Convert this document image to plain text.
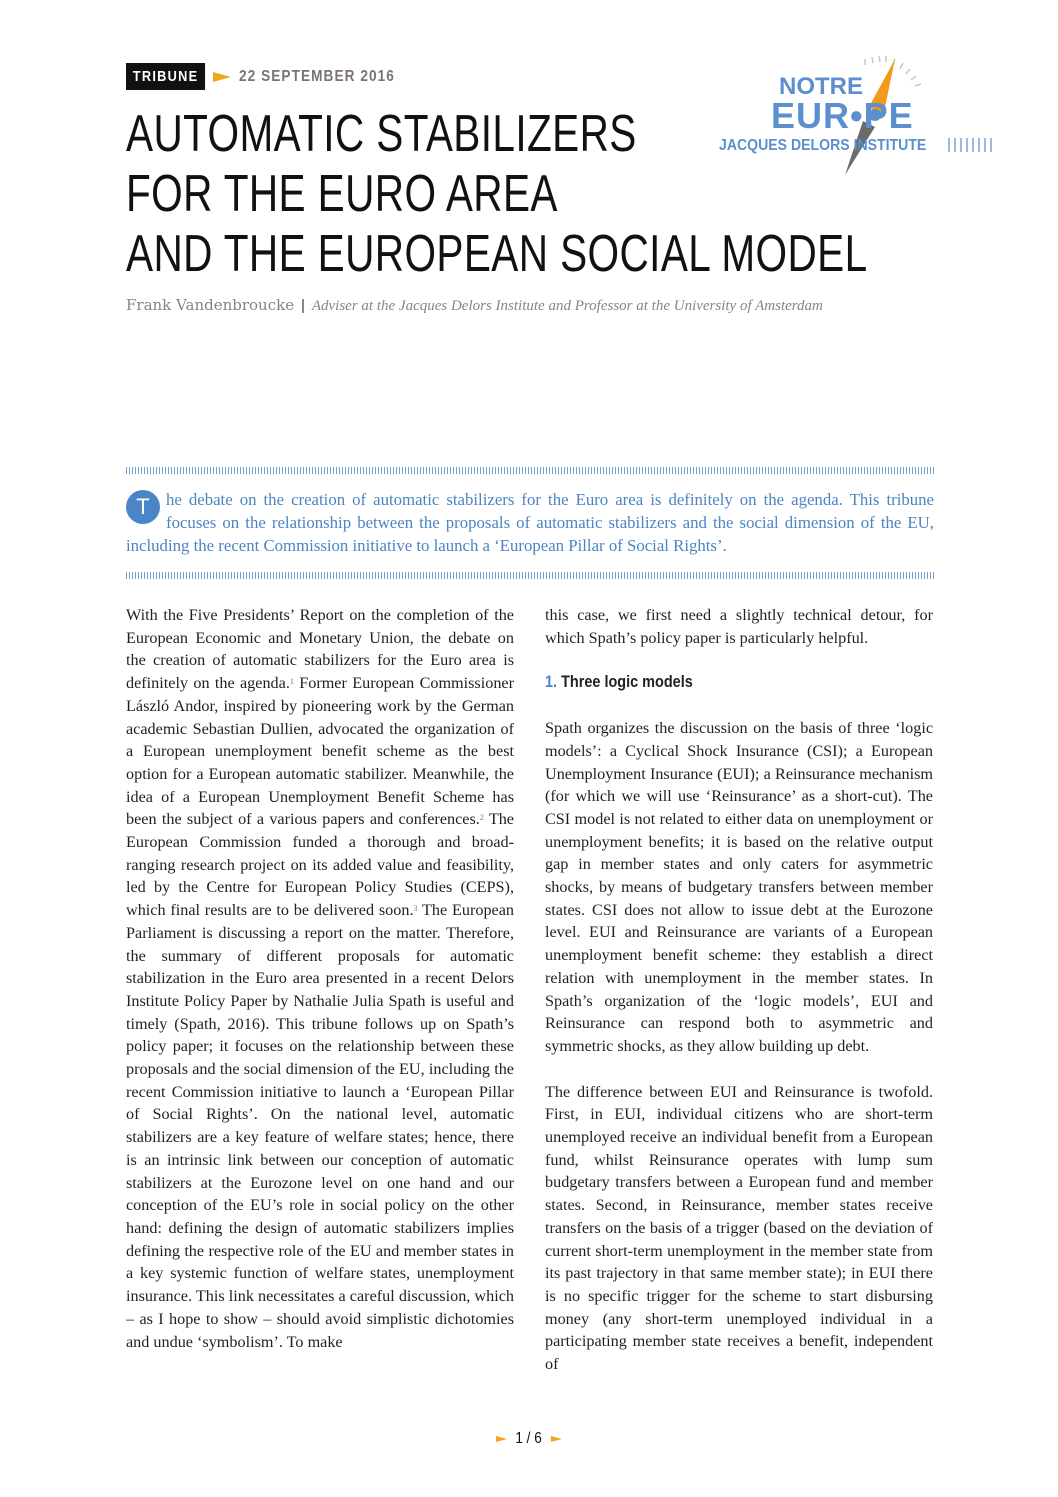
TRIBUNE	22 SEPTEMBER 2016	NOTRE
EUR•PE
JACQUES DELORS INSTITUTE
AUTOMATIC STABILIZERS
FOR THE EURO AREA
AND THE EUROPEAN SOCIAL MODEL
Frank Vandenbroucke | Adviser at the Jacques Delors Institute and Professor at the University of Amsterdam
T he debate on the creation of automatic stabilizers for the Euro area is definitely on the agenda. This tribune focuses on the relationship between the proposals of automatic stabilizers and the social dimension of the EU, including the recent Commission initiative to launch a ‘European Pillar of Social Rights’.

With the Five Presidents’ Report on the completion of the European Economic and Monetary Union, the debate on the creation of automatic stabilizers for the Euro area is definitely on the agenda.$^1$ Former European Commissioner László Andor, inspired by pioneering work by the German academic Sebastian Dullien, advocated the organization of a European unemployment benefit scheme as the best option for a European automatic stabilizer. Meanwhile, the idea of a European Unemployment Benefit Scheme has been the subject of a various papers and conferences.$^2$ The European Commission funded a thorough and broad-ranging research project on its added value and feasibility, led by the Centre for European Policy Studies (CEPS), which final results are to be delivered soon.$^3$ The European Parliament is discussing a report on the matter. Therefore, the summary of different proposals for automatic stabilization in the Euro area presented in a recent Delors Institute Policy Paper by Nathalie Julia Spath is useful and timely (Spath, 2016). This tribune follows up on Spath’s policy paper; it focuses on the relationship between these proposals and the social dimension of the EU, including the recent Commission initiative to launch a ‘European Pillar of Social Rights’. On the national level, automatic stabilizers are a key feature of welfare states; hence, there is an intrinsic link between our conception of automatic stabilizers at the Eurozone level on one hand and our conception of the EU’s role in social policy on the other hand: defining the design of automatic stabilizers implies defining the respective role of the EU and member states in a key systemic function of welfare states, unemployment insurance. This link necessitates a careful discussion, which – as I hope to show – should avoid simplistic dichotomies and undue ‘symbolism’. To make

this case, we first need a slightly technical detour, for which Spath’s policy paper is particularly helpful.

1. Three logic models

Spath organizes the discussion on the basis of three ‘logic models’: a Cyclical Shock Insurance (CSI); a European Unemployment Insurance (EUI); a Reinsurance mechanism (for which we will use ‘Reinsurance’ as a short-cut). The CSI model is not related to either data on unemployment or unemployment benefits; it is based on the relative output gap in member states and only caters for asymmetric shocks, by means of budgetary transfers between member states. CSI does not allow to issue debt at the Eurozone level. EUI and Reinsurance are variants of a European unemployment benefit scheme: they establish a direct relation with unemployment in the member states. In Spath’s organization of the ‘logic models’, EUI and Reinsurance can respond both to asymmetric and symmetric shocks, as they allow building up debt.

The difference between EUI and Reinsurance is twofold. First, in EUI, individual citizens who are short-term unemployed receive an individual benefit from a European fund, whilst Reinsurance operates with lump sum budgetary transfers between a European fund and member states. Second, in Reinsurance, member states receive transfers on the basis of a trigger (based on the deviation of current short-term unemployment in the member state from its past trajectory in that same member state); in EUI there is no specific trigger for the scheme to start disbursing money (any short-term unemployed individual in a participating member state receives a benefit, independent of

1 / 6
